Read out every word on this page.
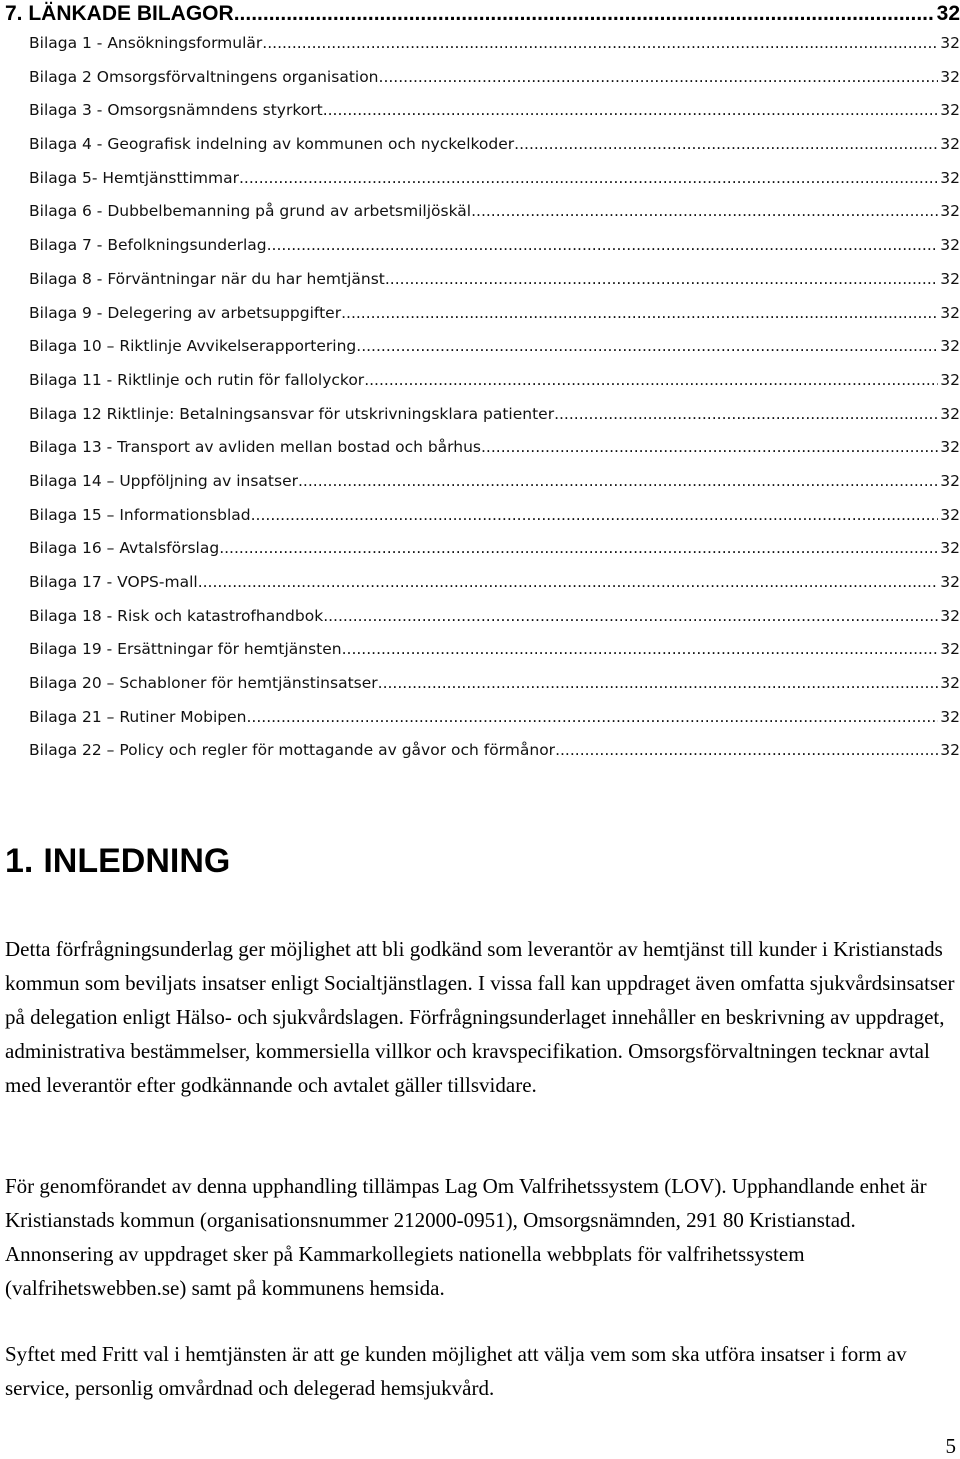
7. LÄNKADE BILAGOR .....	32
Bilaga 1 - Ansökningsformulär .....	32
Bilaga 2 Omsorgsförvaltningens organisation .....	32
Bilaga 3 - Omsorgsnämndens styrkort .....	32
Bilaga 4 - Geografisk indelning av kommunen och nyckelkoder .....	32
Bilaga 5- Hemtjänsttimmar .....	32
Bilaga 6 - Dubbelbemanning på grund av arbetsmiljöskäl .....	32
Bilaga 7 - Befolkningsunderlag .....	32
Bilaga 8 - Förväntningar när du har hemtjänst .....	32
Bilaga 9 - Delegering av arbetsuppgifter .....	32
Bilaga 10 – Riktlinje Avvikelserapportering .....	32
Bilaga 11 - Riktlinje och rutin för fallolyckor .....	32
Bilaga 12 Riktlinje: Betalningsansvar för utskrivningsklara patienter .....	32
Bilaga 13 - Transport av avliden mellan bostad och bårhus .....	32
Bilaga 14 – Uppföljning av insatser .....	32
Bilaga 15 – Informationsblad .....	32
Bilaga 16 – Avtalsförslag .....	32
Bilaga 17 - VOPS-mall .....	32
Bilaga 18 - Risk och katastrofhandbok .....	32
Bilaga 19 - Ersättningar för hemtjänsten .....	32
Bilaga 20 – Schabloner för hemtjänstinsatser .....	32
Bilaga 21 – Rutiner Mobipen .....	32
Bilaga 22 – Policy och regler för mottagande av gåvor och förmånor .....	32
1. INLEDNING

Detta förfrågningsunderlag ger möjlighet att bli godkänd som leverantör av hemtjänst till kunder i Kristianstads kommun som beviljats insatser enligt Socialtjänstlagen. I vissa fall kan uppdraget även omfatta sjukvårdsinsatser på delegation enligt Hälso- och sjukvårdslagen. Förfrågningsunderlaget innehåller en beskrivning av uppdraget, administrativa bestämmelser, kommersiella villkor och kravspecifikation. Omsorgsförvaltningen tecknar avtal med leverantör efter godkännande och avtalet gäller tillsvidare.

För genomförandet av denna upphandling tillämpas Lag Om Valfrihetssystem (LOV). Upphandlande enhet är Kristianstads kommun (organisationsnummer 212000-0951), Omsorgsnämnden, 291 80 Kristianstad. Annonsering av uppdraget sker på Kammarkollegiets nationella webbplats för valfrihetssystem (valfrihetswebben.se) samt på kommunens hemsida.

Syftet med Fritt val i hemtjänsten är att ge kunden möjlighet att välja vem som ska utföra insatser i form av service, personlig omvårdnad och delegerad hemsjukvård.

5
